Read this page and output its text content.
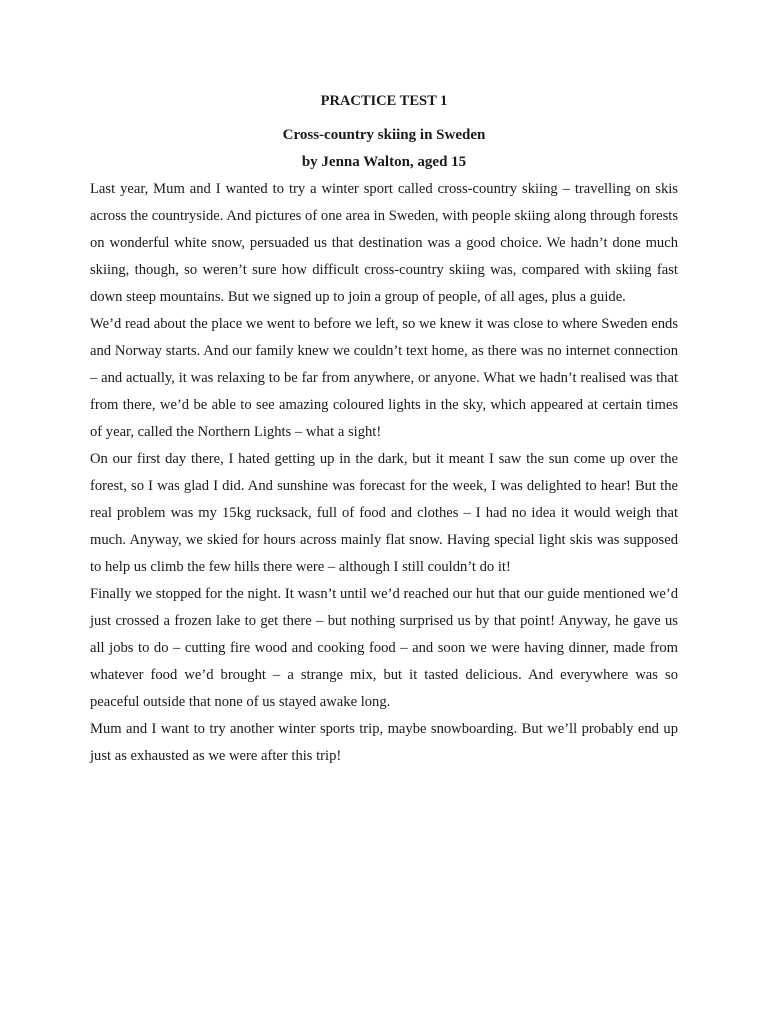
PRACTICE TEST 1
Cross-country skiing in Sweden
by Jenna Walton, aged 15

Last year, Mum and I wanted to try a winter sport called cross-country skiing – travelling on skis across the countryside. And pictures of one area in Sweden, with people skiing along through forests on wonderful white snow, persuaded us that destination was a good choice. We hadn’t done much skiing, though, so weren’t sure how difficult cross-country skiing was, compared with skiing fast down steep mountains. But we signed up to join a group of people, of all ages, plus a guide.

We’d read about the place we went to before we left, so we knew it was close to where Sweden ends and Norway starts. And our family knew we couldn’t text home, as there was no internet connection – and actually, it was relaxing to be far from anywhere, or anyone. What we hadn’t realised was that from there, we’d be able to see amazing coloured lights in the sky, which appeared at certain times of year, called the Northern Lights – what a sight!

On our first day there, I hated getting up in the dark, but it meant I saw the sun come up over the forest, so I was glad I did. And sunshine was forecast for the week, I was delighted to hear! But the real problem was my 15kg rucksack, full of food and clothes – I had no idea it would weigh that much. Anyway, we skied for hours across mainly flat snow. Having special light skis was supposed to help us climb the few hills there were – although I still couldn’t do it!

Finally we stopped for the night. It wasn’t until we’d reached our hut that our guide mentioned we’d just crossed a frozen lake to get there – but nothing surprised us by that point! Anyway, he gave us all jobs to do – cutting fire wood and cooking food – and soon we were having dinner, made from whatever food we’d brought – a strange mix, but it tasted delicious. And everywhere was so peaceful outside that none of us stayed awake long.

Mum and I want to try another winter sports trip, maybe snowboarding. But we’ll probably end up just as exhausted as we were after this trip!
